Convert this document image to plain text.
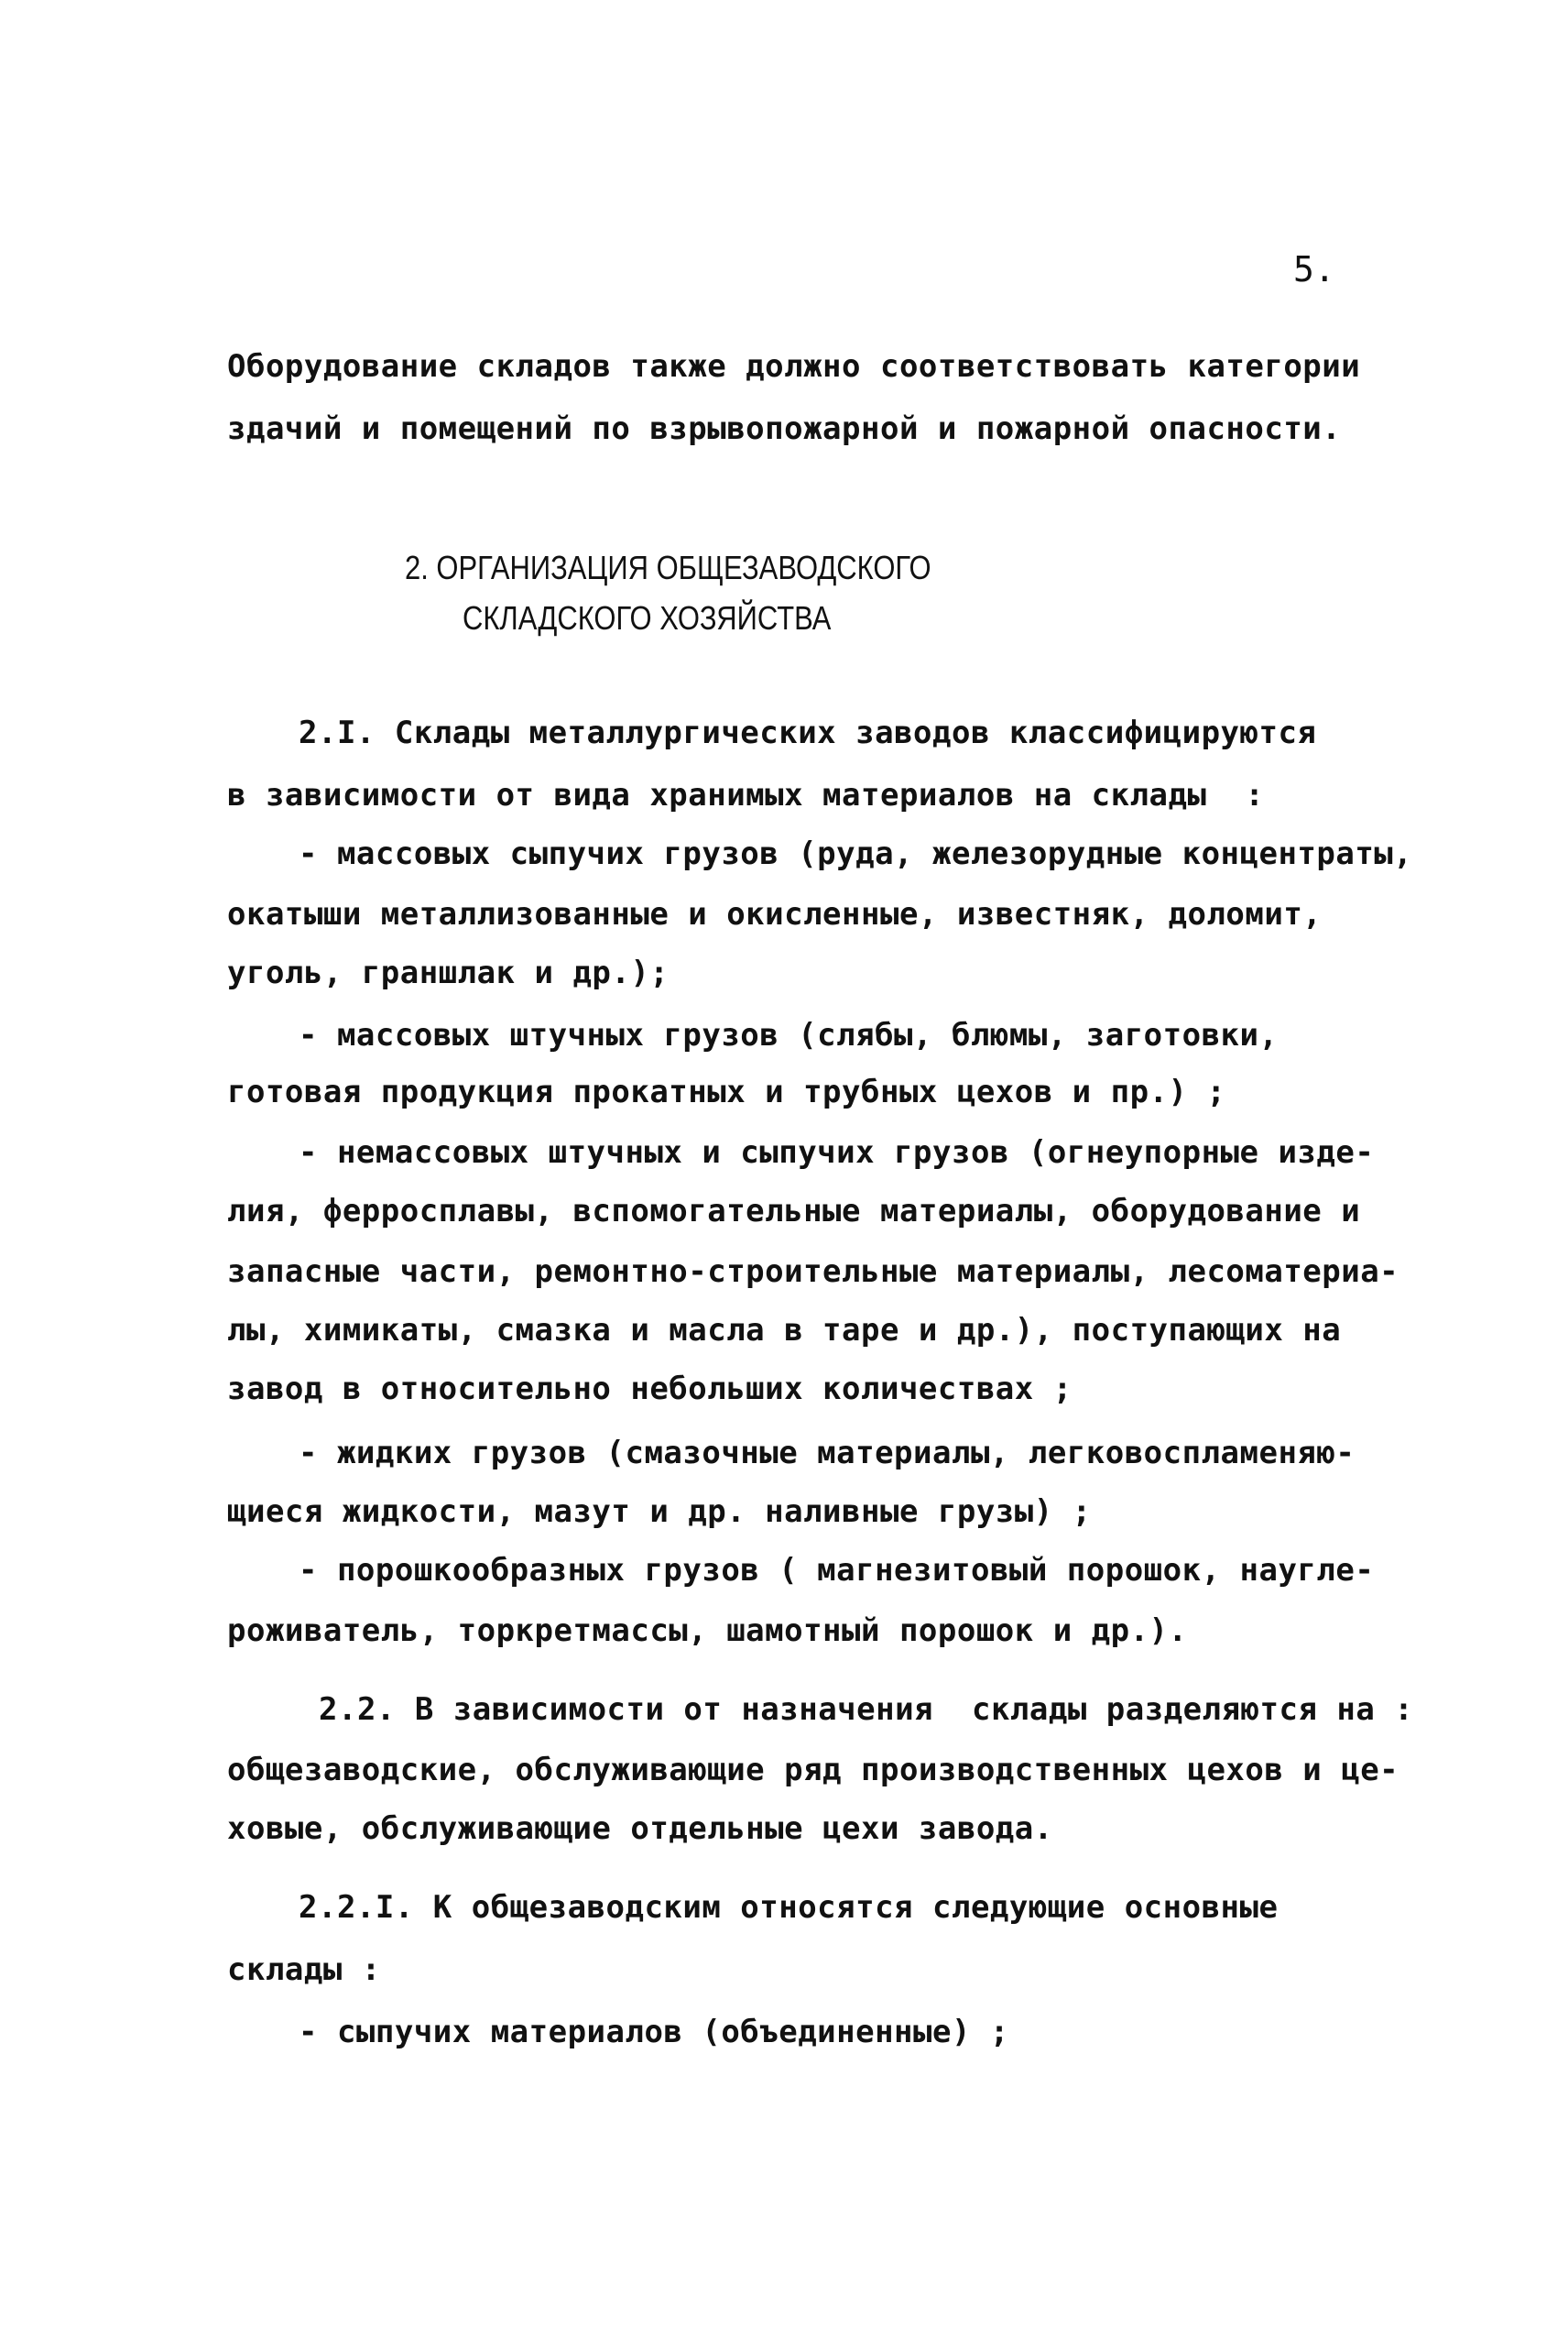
5.
Оборудование складов также должно соответствовать категории
здачий и помещений по взрывопожарной и пожарной опасности.
2. ОРГАНИЗАЦИЯ ОБЩЕЗАВОДСКОГО
СКЛАДСКОГО ХОЗЯЙСТВА
2.I. Склады металлургических заводов классифицируются
в зависимости от вида хранимых материалов на склады  :
- массовых сыпучих грузов (руда, железорудные концентраты,
окатыши металлизованные и окисленные, известняк, доломит,
уголь, граншлак и др.);
- массовых штучных грузов (слябы, блюмы, заготовки,
готовая продукция прокатных и трубных цехов и пр.) ;
- немассовых штучных и сыпучих грузов (огнеупорные изде-
лия, ферросплавы, вспомогательные материалы, оборудование и
запасные части, ремонтно-строительные материалы, лесоматериа-
лы, химикаты, смазка и масла в таре и др.), поступающих на
завод в относительно небольших количествах ;
- жидких грузов (смазочные материалы, легковоспламеняю-
щиеся жидкости, мазут и др. наливные грузы) ;
- порошкообразных грузов ( магнезитовый порошок, науглe-
роживатель, торкретмассы, шамотный порошок и др.).
2.2. В зависимости от назначения  склады разделяются на :
общезаводские, обслуживающие ряд производственных цехов и це-
ховые, обслуживающие отдельные цехи завода.
2.2.I. К общезаводским относятся следующие основные
склады :
- сыпучих материалов (объединенные) ;
